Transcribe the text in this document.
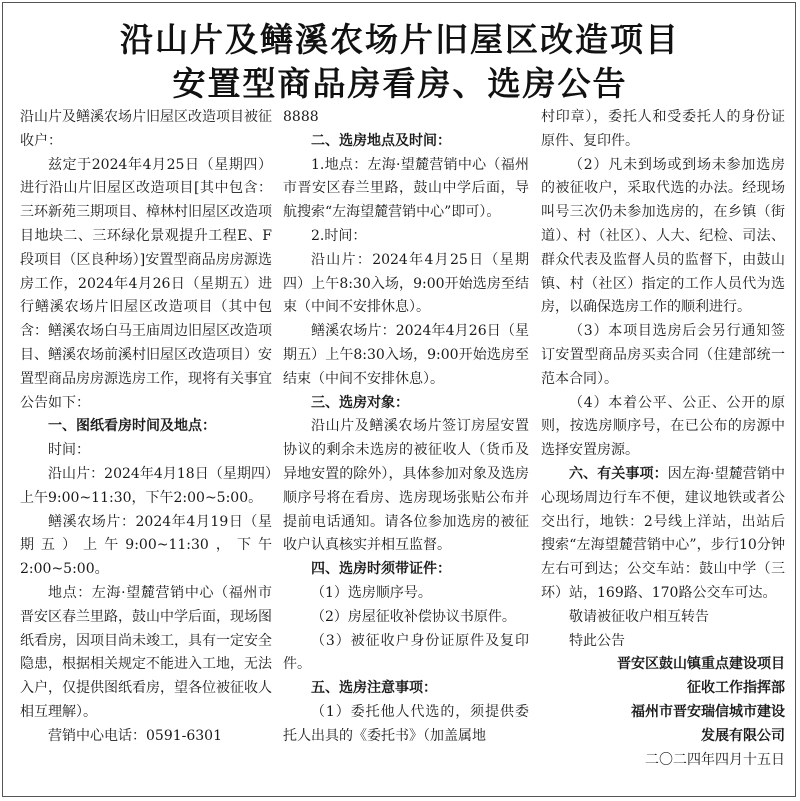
沿山片及鳝溪农场片旧屋区改造项目
安置型商品房看房、选房公告

沿山片及鳝溪农场片旧屋区改造项目被征收户：

兹定于2024年4月25日（星期四）进行沿山片旧屋区改造项目[其中包含：三环新苑三期项目、樟林村旧屋区改造项目地块二、三环绿化景观提升工程E、F段项目（区良种场）]安置型商品房房源选房工作，2024年4月26日（星期五）进行鳝溪农场片旧屋区改造项目（其中包含：鳝溪农场白马王庙周边旧屋区改造项目、鳝溪农场前溪村旧屋区改造项目）安置型商品房房源选房工作，现将有关事宜公告如下：

一、图纸看房时间及地点：

时间：

沿山片：2024年4月18日（星期四）上午9:00~11:30，下午2:00~5:00。

鳝溪农场片：2024年4月19日（星期五）上午9:00~11:30，下午2:00~5:00。

地点：左海·望麓营销中心（福州市晋安区春兰里路，鼓山中学后面，现场图纸看房，因项目尚未竣工，具有一定安全隐患，根据相关规定不能进入工地，无法入户，仅提供图纸看房，望各位被征收人相互理解）。

营销中心电话：0591-6301

8888

二、选房地点及时间：

1.地点：左海·望麓营销中心（福州市晋安区春兰里路，鼓山中学后面，导航搜索“左海望麓营销中心”即可）。

2.时间：

沿山片：2024年4月25日（星期四）上午8:30入场，9:00开始选房至结束（中间不安排休息）。

鳝溪农场片：2024年4月26日（星期五）上午8:30入场，9:00开始选房至结束（中间不安排休息）。

三、选房对象：

沿山片及鳝溪农场片签订房屋安置协议的剩余未选房的被征收人（货币及异地安置的除外），具体参加对象及选房顺序号将在看房、选房现场张贴公布并提前电话通知。请各位参加选房的被征收户认真核实并相互监督。

四、选房时须带证件：

（1）选房顺序号。

（2）房屋征收补偿协议书原件。

（3）被征收户身份证原件及复印件。

五、选房注意事项：

（1）委托他人代选的，须提供委托人出具的《委托书》（加盖属地

村印章），委托人和受委托人的身份证原件、复印件。

（2）凡未到场或到场未参加选房的被征收户，采取代选的办法。经现场叫号三次仍未参加选房的，在乡镇（街道）、村（社区）、人大、纪检、司法、群众代表及监督人员的监督下，由鼓山镇、村（社区）指定的工作人员代为选房，以确保选房工作的顺利进行。

（3）本项目选房后会另行通知签订安置型商品房买卖合同（住建部统一范本合同）。

（4）本着公平、公正、公开的原则，按选房顺序号，在已公布的房源中选择安置房源。

六、有关事项：因左海·望麓营销中心现场周边行车不便，建议地铁或者公交出行，地铁：2号线上洋站，出站后搜索“左海望麓营销中心”，步行10分钟左右可到达；公交车站：鼓山中学（三环）站，169路、170路公交车可达。

敬请被征收户相互转告

特此公告

晋安区鼓山镇重点建设项目

征收工作指挥部

福州市晋安瑞信城市建设

发展有限公司

二〇二四年四月十五日
